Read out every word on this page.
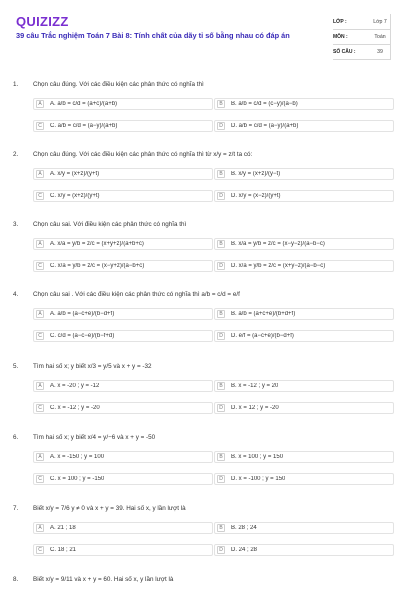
QUIZIZZ
39 câu Trắc nghiệm Toán 7 Bài 8: Tính chất của dãy tỉ số bằng nhau có đáp án
LỚP :	Lớp 7
MÔN :	Toán
SỐ CÂU :	39
1.	Chọn câu đúng. Với các điều kiện các phân thức có nghĩa thì
A	A. a/b = c/d = (a+c)/(a+b)	B	B. a/b = c/d = (c−y)/(a−b)
C	C. a/b = c/d = (a−y)/(a+b)	D	D. a/b = c/d = (a−y)/(a+b)
2.	Chọn câu đúng. Với các điều kiện các phân thức có nghĩa thì từ x/y = z/t ta có:
A	A. x/y = (x+z)/(y+t)	B	B. x/y = (x+z)/(y−t)
C	C. x/y = (x+z)/(y+t)	D	D. x/y = (x−z)/(y+t)
3.	Chọn câu sai. Với điều kiện các phân thức có nghĩa thì
A	A. x/a = y/b = z/c = (x+y+z)/(a+b+c)	B	B. x/a = y/b = z/c = (x−y−z)/(a−b−c)
C	C. x/a = y/b = z/c = (x−y+z)/(a−b+c)	D	D. x/a = y/b = z/c = (x+y−z)/(a−b−c)
4.	Chọn câu sai . Với các điều kiện các phân thức có nghĩa thì a/b = c/d = e/f
A	A. a/b = (a−c+e)/(b−d+f)	B	B. a/b = (a+c+e)/(b+d+f)
C	C. c/d = (a−c−e)/(b−f+d)	D	D. e/f = (a−c+e)/(b−d+f)
5.	Tìm hai số x; y biết x/3 = y/5 và x + y = -32
A	A. x = -20 ; y = -12	B	B. x = -12 ; y = 20
C	C. x = -12 ; y = -20	D	D. x = 12 ; y = -20
6.	Tìm hai số x; y biết x/4 = y/−6 và x + y = -50
A	A. x = -150 ; y = 100	B	B. x = 100 ; y = 150
C	C. x = 100 ; y = -150	D	D. x = -100 ; y = 150
7.	Biết x/y = 7/6 y ≠ 0 và x + y = 39. Hai số x, y lần lượt là
A	A. 21 ; 18	B	B. 28 ; 24
C	C. 18 ; 21	D	D. 24 ; 28
8.	Biết x/y = 9/11 và x + y = 60. Hai số x, y lần lượt là
